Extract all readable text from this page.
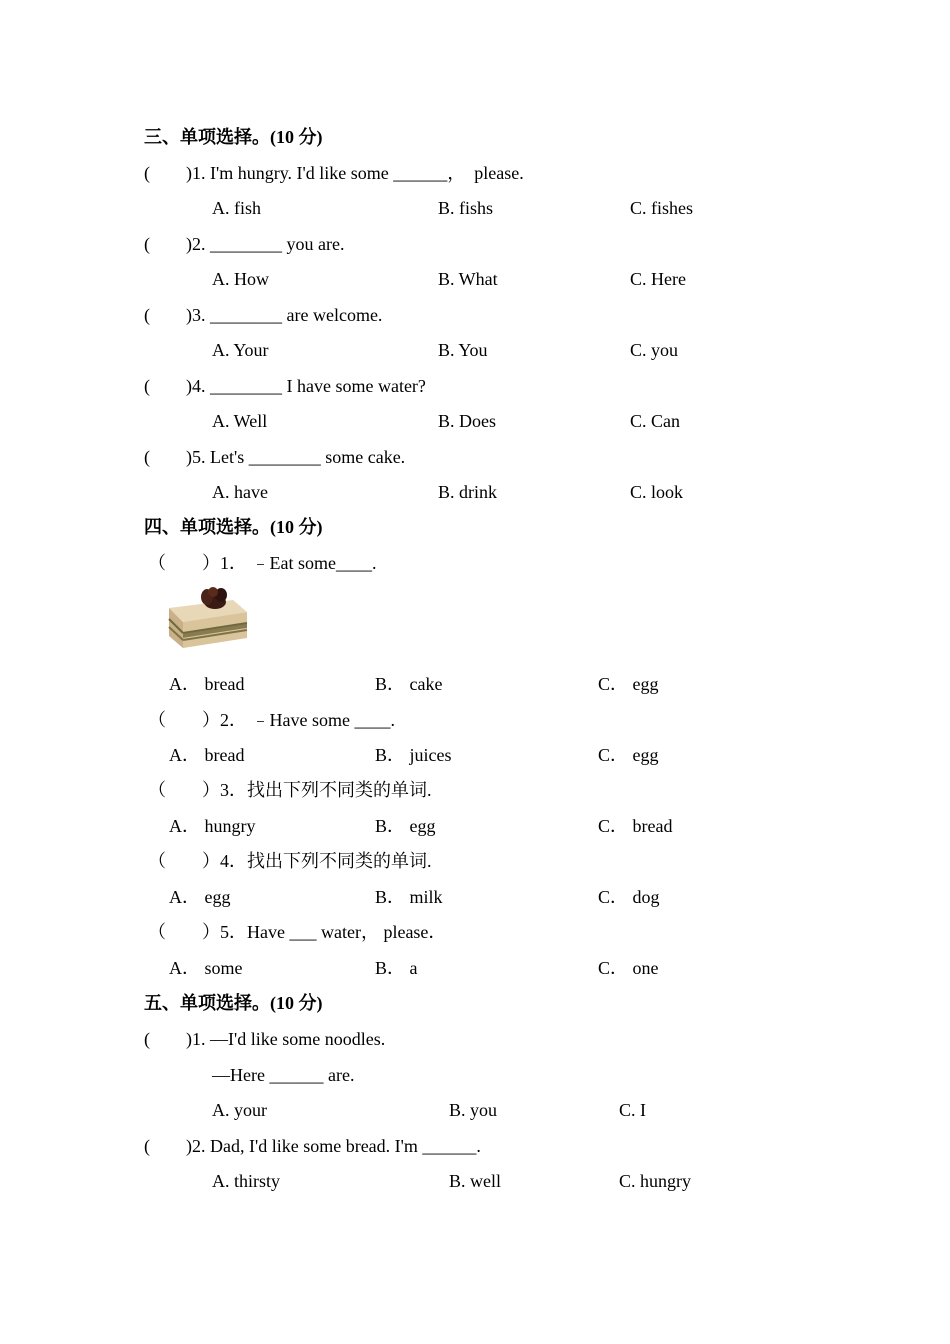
三、单项选择。(10 分)
(        )1. I'm hungry. I'd like some ______，  please.
A. fish	B. fishs	C. fishes
(        )2. ________ you are.
A. How	B. What	C. Here
(        )3. ________ are welcome.
A. Your	B. You	C. you
(        )4. ________ I have some water?
A. Well	B. Does	C. Can
(        )5. Let's ________ some cake.
A. have	B. drink	C. look
四、单项选择。(10 分)
（        ）1． ﹣Eat some____.
A． bread	B． cake	C． egg
（        ）2． ﹣Have some ____.
A． bread	B． juices	C． egg
（        ）3．找出下列不同类的单词.
A． hungry	B． egg	C． bread
（        ）4．找出下列不同类的单词.
A． egg	B． milk	C． dog
（        ）5．Have ___ water， please．
A． some	B． a	C． one
五、单项选择。(10 分)
(        )1. —I'd like some noodles.
—Here ______ are.
A. your	B. you	C. I
(        )2. Dad, I'd like some bread. I'm ______.
A. thirsty	B. well	C. hungry
